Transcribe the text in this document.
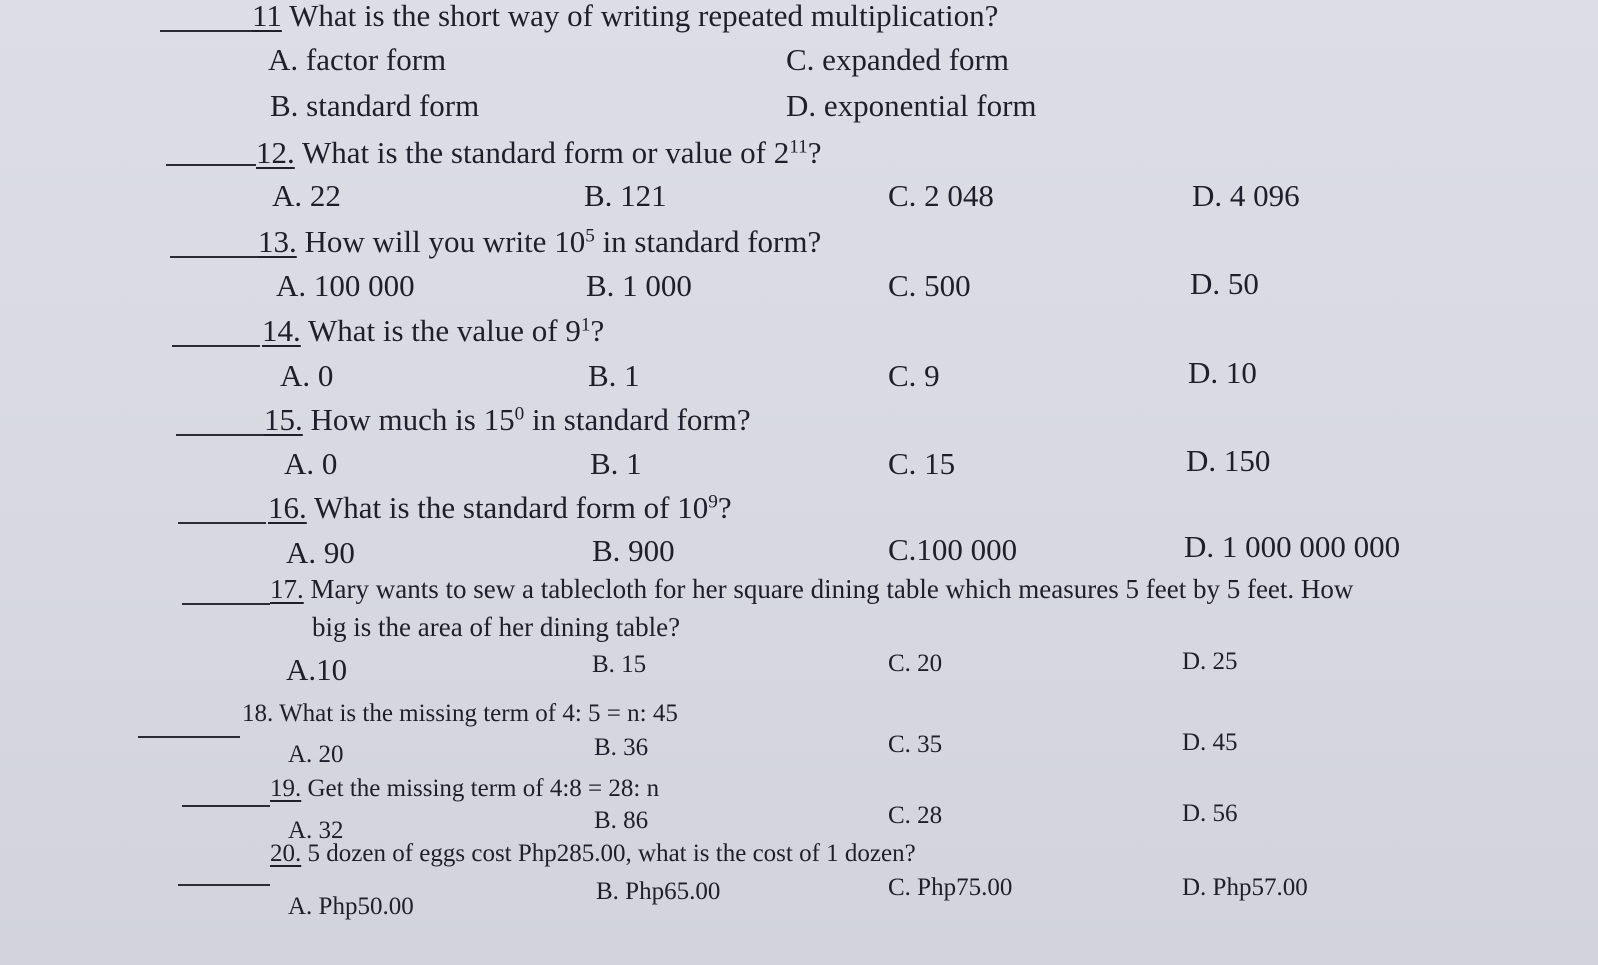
11 What is the short way of writing repeated multiplication?
A. factor form	C. expanded form
B. standard form	D. exponential form
12. What is the standard form or value of $2^{11}$?
A. 22	B. 121	C. 2 048	D. 4 096
13. How will you write $10^5$ in standard form?
A. 100 000	B. 1 000	C. 500	D. 50
14. What is the value of $9^1$?
A. 0	B. 1	C. 9	D. 10
15. How much is $15^0$ in standard form?
A. 0	B. 1	C. 15	D. 150
16. What is the standard form of $10^9$?
A. 90	B. 900	C.100 000	D. 1 000 000 000
17. Mary wants to sew a tablecloth for her square dining table which measures 5 feet by 5 feet. How
big is the area of her dining table?
A.10	B. 15	C. 20	D. 25
18. What is the missing term of 4: 5 = n: 45
A. 20	B. 36	C. 35	D. 45
19. Get the missing term of 4:8 = 28: n
A. 32	B. 86	C. 28	D. 56
20. 5 dozen of eggs cost Php285.00, what is the cost of 1 dozen?
A. Php50.00
B. Php65.00	C. Php75.00	D. Php57.00
